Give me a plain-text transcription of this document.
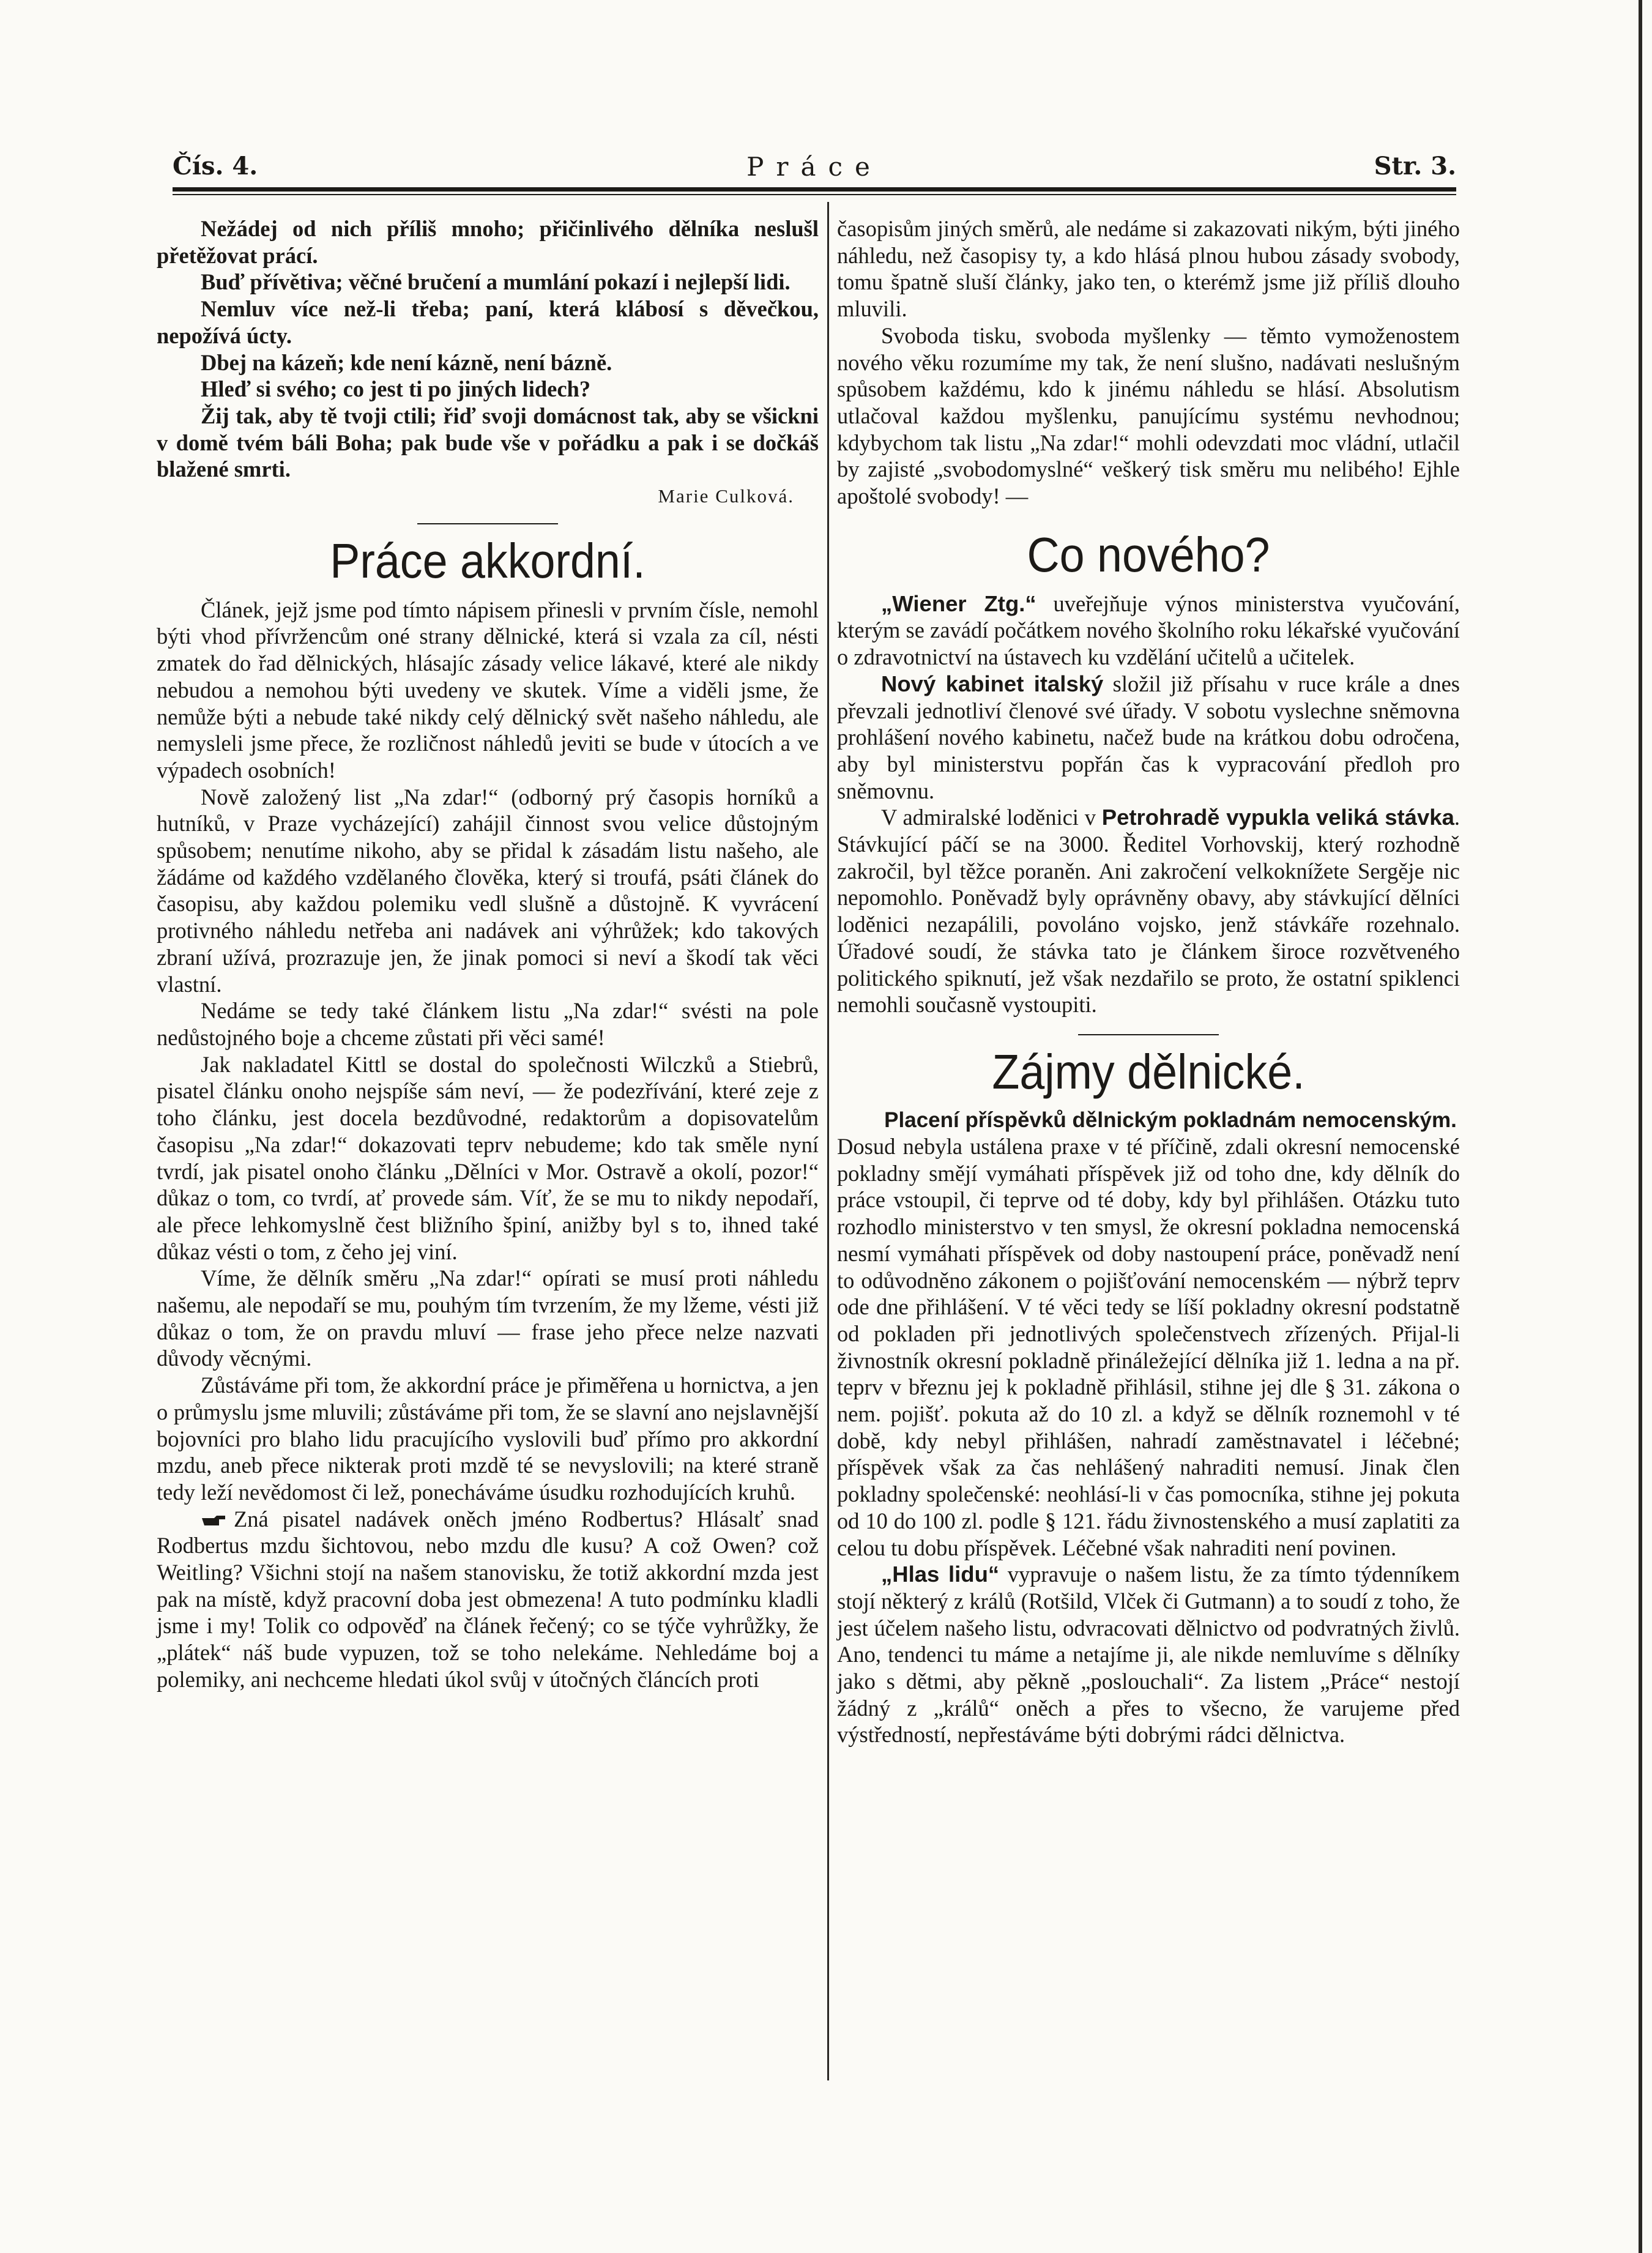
Čís. 4.	Práce	Str. 3.

Nežádej od nich příliš mnoho; přičinlivého dělníka neslušl přetěžovat prácí.

Buď přívětiva; věčné bručení a mumlání pokazí i nejlepší lidi.

Nemluv více než-li třeba; paní, která klábosí s děvečkou, nepožívá úcty.

Dbej na kázeň; kde není kázně, není bázně.

Hleď si svého; co jest ti po jiných lidech?

Žij tak, aby tě tvoji ctili; řiď svoji domácnost tak, aby se všickni v domě tvém báli Boha; pak bude vše v pořádku a pak i se dočkáš blažené smrti.

Marie Culková.

Práce akkordní.

Článek, jejž jsme pod tímto nápisem přinesli v prvním čísle, nemohl býti vhod přívržencům oné strany dělnické, která si vzala za cíl, nésti zmatek do řad dělnických, hlásajíc zásady velice lákavé, které ale nikdy nebudou a nemohou býti uvedeny ve skutek. Víme a viděli jsme, že nemůže býti a nebude také nikdy celý dělnický svět našeho náhledu, ale nemysleli jsme přece, že rozličnost náhledů jeviti se bude v útocích a ve výpadech osobních!

Nově založený list „Na zdar!“ (odborný prý časopis horníků a hutníků, v Praze vycházející) zahájil činnost svou velice důstojným spůsobem; nenutíme nikoho, aby se přidal k zásadám listu našeho, ale žádáme od každého vzdělaného člověka, který si troufá, psáti článek do časopisu, aby každou polemiku vedl slušně a důstojně. K vyvrácení protivného náhledu netřeba ani nadávek ani výhrůžek; kdo takových zbraní užívá, prozrazuje jen, že jinak pomoci si neví a škodí tak věci vlastní.

Nedáme se tedy také článkem listu „Na zdar!“ svésti na pole nedůstojného boje a chceme zůstati při věci samé!

Jak nakladatel Kittl se dostal do společnosti Wilczků a Stiebrů, pisatel článku onoho nejspíše sám neví, — že podezřívání, které zeje z toho článku, jest docela bezdůvodné, redaktorům a dopisovatelům časopisu „Na zdar!“ dokazovati teprv nebudeme; kdo tak směle nyní tvrdí, jak pisatel onoho článku „Dělníci v Mor. Ostravě a okolí, pozor!“ důkaz o tom, co tvrdí, ať provede sám. Víť, že se mu to nikdy nepodaří, ale přece lehkomyslně čest bližního špiní, anižby byl s to, ihned také důkaz vésti o tom, z čeho jej viní.

Víme, že dělník směru „Na zdar!“ opírati se musí proti náhledu našemu, ale nepodaří se mu, pouhým tím tvrzením, že my lžeme, vésti již důkaz o tom, že on pravdu mluví — frase jeho přece nelze nazvati důvody věcnými.

Zůstáváme při tom, že akkordní práce je přiměřena u hornictva, a jen o průmyslu jsme mluvili; zůstáváme při tom, že se slavní ano nejslavnější bojovníci pro blaho lidu pracujícího vyslovili buď přímo pro akkordní mzdu, aneb přece nikterak proti mzdě té se nevyslovili; na které straně tedy leží nevědomost či lež, ponecháváme úsudku rozhodujících kruhů.

Zná pisatel nadávek oněch jméno Rodbertus? Hlásalť snad Rodbertus mzdu šichtovou, nebo mzdu dle kusu? A což Owen? což Weitling? Všichni stojí na našem stanovisku, že totiž akkordní mzda jest pak na místě, když pracovní doba jest obmezena! A tuto podmínku kladli jsme i my! Tolik co odpověď na článek řečený; co se týče vyhrůžky, že „plátek“ náš bude vypuzen, tož se toho nelekáme. Nehledáme boj a polemiky, ani nechceme hledati úkol svůj v útočných článcích proti

časopisům jiných směrů, ale nedáme si zakazovati nikým, býti jiného náhledu, než časopisy ty, a kdo hlásá plnou hubou zásady svobody, tomu špatně sluší články, jako ten, o kterémž jsme již příliš dlouho mluvili.

Svoboda tisku, svoboda myšlenky — těmto vymoženostem nového věku rozumíme my tak, že není slušno, nadávati neslušným spůsobem každému, kdo k jinému náhledu se hlásí. Absolutism utlačoval každou myšlenku, panujícímu systému nevhodnou; kdybychom tak listu „Na zdar!“ mohli odevzdati moc vládní, utlačil by zajisté „svobodomyslné“ veškerý tisk směru mu nelibého! Ejhle apoštolé svobody! —

Co nového?

„Wiener Ztg.“ uveřejňuje výnos ministerstva vyučování, kterým se zavádí počátkem nového školního roku lékařské vyučování o zdravotnictví na ústavech ku vzdělání učitelů a učitelek.

Nový kabinet italský složil již přísahu v ruce krále a dnes převzali jednotliví členové své úřady. V sobotu vyslechne sněmovna prohlášení nového kabinetu, načež bude na krátkou dobu odročena, aby byl ministerstvu popřán čas k vypracování předloh pro sněmovnu.

V admiralské loděnici v Petrohradě vypukla veliká stávka. Stávkující páčí se na 3000. Ředitel Vorhovskij, který rozhodně zakročil, byl těžce poraněn. Ani zakročení velkoknížete Sergěje nic nepomohlo. Poněvadž byly oprávněny obavy, aby stávkující dělníci loděnici nezapálili, povoláno vojsko, jenž stávkáře rozehnalo. Úřadové soudí, že stávka tato je článkem široce rozvětveného politického spiknutí, jež však nezdařilo se proto, že ostatní spiklenci nemohli současně vystoupiti.

Zájmy dělnické.

Placení příspěvků dělnickým pokladnám nemocenským.

Dosud nebyla ustálena praxe v té příčině, zdali okresní nemocenské pokladny smějí vymáhati příspěvek již od toho dne, kdy dělník do práce vstoupil, či teprve od té doby, kdy byl přihlášen. Otázku tuto rozhodlo ministerstvo v ten smysl, že okresní pokladna nemocenská nesmí vymáhati příspěvek od doby nastoupení práce, poněvadž není to odůvodněno zákonem o pojišťování nemocenském — nýbrž teprv ode dne přihlášení. V té věci tedy se líší pokladny okresní podstatně od pokladen při jednotlivých společenstvech zřízených. Přijal-li živnostník okresní pokladně přináležející dělníka již 1. ledna a na př. teprv v březnu jej k pokladně přihlásil, stihne jej dle § 31. zákona o nem. pojišť. pokuta až do 10 zl. a když se dělník roznemohl v té době, kdy nebyl přihlášen, nahradí zaměstnavatel i léčebné; příspěvek však za čas nehlášený nahraditi nemusí. Jinak člen pokladny společenské: neohlásí-li v čas pomocníka, stihne jej pokuta od 10 do 100 zl. podle § 121. řádu živnostenského a musí zaplatiti za celou tu dobu příspěvek. Léčebné však nahraditi není povinen.

„Hlas lidu“ vypravuje o našem listu, že za tímto týdenníkem stojí některý z králů (Rotšild, Vlček či Gutmann) a to soudí z toho, že jest účelem našeho listu, odvracovati dělnictvo od podvratných živlů. Ano, tendenci tu máme a netajíme ji, ale nikde nemluvíme s dělníky jako s dětmi, aby pěkně „poslouchali“. Za listem „Práce“ nestojí žádný z „králů“ oněch a přes to všecno, že varujeme před výstředností, nepřestáváme býti dobrými rádci dělnictva.
